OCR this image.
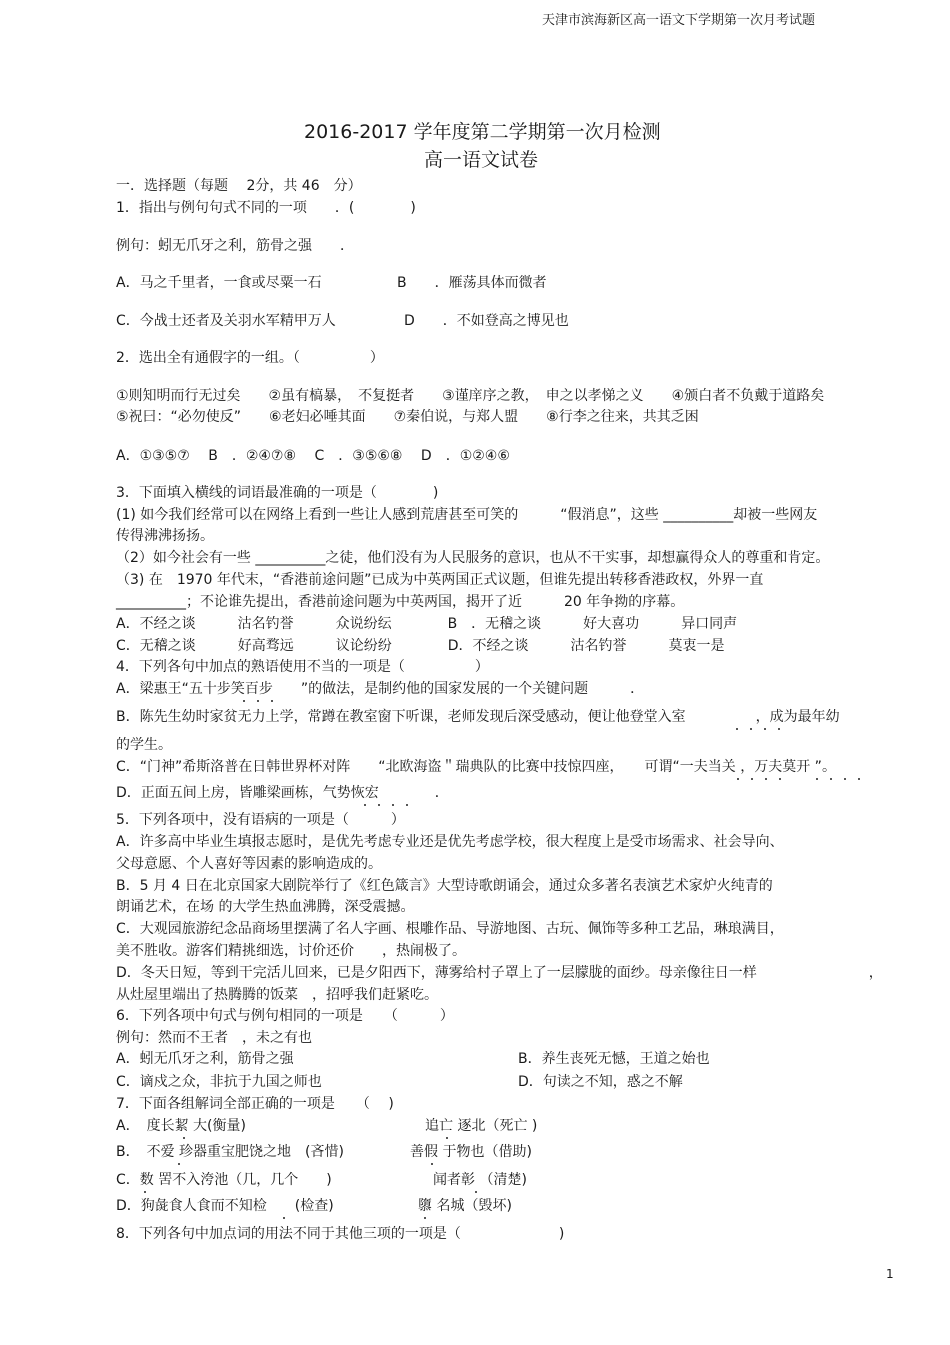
天津市滨海新区高一语文下学期第一次月考试题
2016-2017 学年度第二学期第一次月检测
高一语文试卷
一．选择题（每题　 2分，共 46　分）
1．指出与例句句式不同的一项　　．(　　　　)
例句：蚓无爪牙之利，筋骨之强　　．
A．马之千里者，一食或尽粟一石	B　　．雁荡具体而微者
C．今战士还者及关羽水军精甲万人	D　　．不如登高之博见也
2．选出全有通假字的一组。（　　　　　）
①则知明而行无过矣　　②虽有槁暴，　不复挺者　　③谨庠序之教，　申之以孝悌之义　　④颁白者不负戴于道路矣
⑤祝曰：“必勿使反”　　⑥老妇必唾其面　　⑦秦伯说，与郑人盟　　⑧行李之往来，共其乏困
A．①③⑤⑦　 B　．②④⑦⑧　 C　．③⑤⑥⑧　 D　．①②④⑥
3．下面填入横线的词语最准确的一项是（　　　　)
(1) 如今我们经常可以在网络上看到一些让人感到荒唐甚至可笑的　　　“假消息”，这些 __________却被一些网友
传得沸沸扬扬。
（2）如今社会有一些 __________之徒，他们没有为人民服务的意识，也从不干实事，却想赢得众人的尊重和肯定。
（3) 在　1970 年代末，“香港前途问题”已成为中英两国正式议题，但谁先提出转移香港政权，外界一直
__________；不论谁先提出，香港前途问题为中英两国，揭开了近　　　20 年争拗的序幕。
A．不经之谈　　　沽名钓誉　　　众说纷纭　　　　B　．无稽之谈　　　好大喜功　　　异口同声
C．无稽之谈　　　好高骛远　　　议论纷纷　　　　D．不经之谈　　　沽名钓誉　　　莫衷一是
4．下列各句中加点的熟语使用不当的一项是（　　　　　）
A．梁惠王“五十步笑百步　　”的做法，是制约他的国家发展的一个关键问题　　　．
B．陈先生幼时家贫无力上学，常蹲在教室窗下听课，老师发现后深受感动，便让他登堂入室　　　　　，成为最年幼
的学生。
C．“门神”希斯洛普在日韩世界杯对阵　　“北欧海盗＂瑞典队的比赛中技惊四座，　　可谓“一夫当关 ，万夫莫开 ”。
D．正面五间上房，皆雕梁画栋，气势恢宏　　　　．
5．下列各项中，没有语病的一项是（　　　）
A．许多高中毕业生填报志愿时，是优先考虑专业还是优先考虑学校，很大程度上是受市场需求、社会导向、
父母意愿、个人喜好等因素的影响造成的。
B．5 月 4 日在北京国家大剧院举行了《红色箴言》大型诗歌朗诵会，通过众多著名表演艺术家炉火纯青的
朗诵艺术，在场 的大学生热血沸腾，深受震撼。
C．大观园旅游纪念品商场里摆满了名人字画、根雕作品、导游地图、古玩、佩饰等多种工艺品，琳琅满目，
美不胜收。游客们精挑细选，讨价还价　　，热闹极了。
D．冬天日短，等到干完活儿回来，已是夕阳西下，薄雾给村子罩上了一层朦胧的面纱。母亲像往日一样　　　　　　　　，
从灶屋里端出了热腾腾的饭菜　，招呼我们赶紧吃。
6．下列各项中句式与例句相同的一项是　　（　　　）
例句：然而不王者　，未之有也
A．蚓无爪牙之利，筋骨之强	B．养生丧死无憾，王道之始也
C．谪戍之众，非抗于九国之师也	D．句读之不知，惑之不解
7．下面各组解词全部正确的一项是　　（　 )
A．　度长絜 大(衡量)	追亡 逐北（死亡 )
B．　不爱 珍器重宝肥饶之地　(吝惜)	善假 于物也（借助)
C．数 罟不入洿池（几，几个　　)	闻者彰 （清楚)
D．狗彘食人食而不知检　　(检查)	隳 名城（毁坏)
8．下列各句中加点词的用法不同于其他三项的一项是（　　　　　　　)
1
